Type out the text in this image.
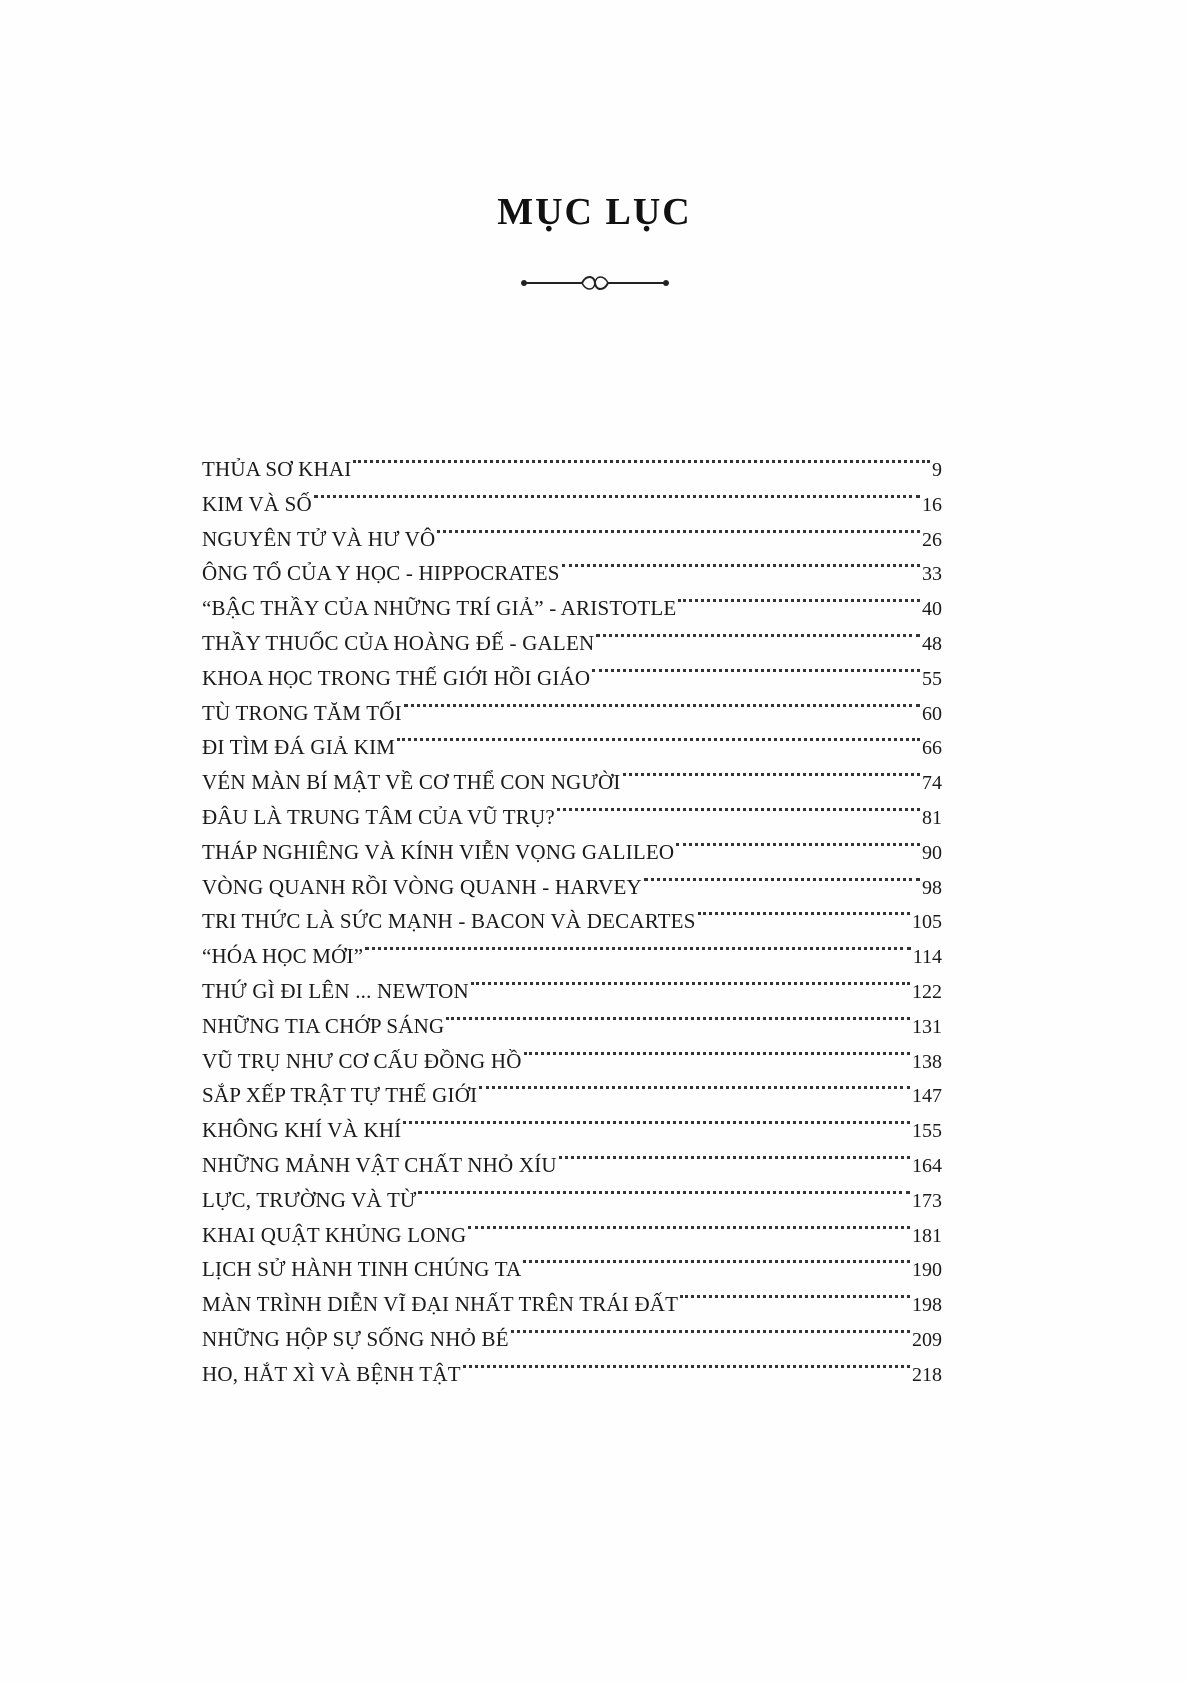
MỤC LỤC
THỦA SƠ KHAI	9
KIM VÀ SỐ	16
NGUYÊN TỬ VÀ HƯ VÔ	26
ÔNG TỔ CỦA Y HỌC - HIPPOCRATES	33
“BẬC THẦY CỦA NHỮNG TRÍ GIẢ” - ARISTOTLE	40
THẦY THUỐC CỦA HOÀNG ĐẾ - GALEN	48
KHOA HỌC TRONG THẾ GIỚI HỒI GIÁO	55
TÙ TRONG TĂM TỐI	60
ĐI TÌM ĐÁ GIẢ KIM	66
VÉN MÀN BÍ MẬT VỀ CƠ THỂ CON NGƯỜI	74
ĐÂU LÀ TRUNG TÂM CỦA VŨ TRỤ?	81
THÁP NGHIÊNG VÀ KÍNH VIỄN VỌNG GALILEO	90
VÒNG QUANH RỒI VÒNG QUANH - HARVEY	98
TRI THỨC LÀ SỨC MẠNH - BACON VÀ DECARTES	105
“HÓA HỌC MỚI”	114
THỨ GÌ ĐI LÊN ... NEWTON	122
NHỮNG TIA CHỚP SÁNG	131
VŨ TRỤ NHƯ CƠ CẤU ĐỒNG HỒ	138
SẮP XẾP TRẬT TỰ THẾ GIỚI	147
KHÔNG KHÍ VÀ KHÍ	155
NHỮNG MẢNH VẬT CHẤT NHỎ XÍU	164
LỰC, TRƯỜNG VÀ TỪ	173
KHAI QUẬT KHỦNG LONG	181
LỊCH SỬ HÀNH TINH CHÚNG TA	190
MÀN TRÌNH DIỄN VĨ ĐẠI NHẤT TRÊN TRÁI ĐẤT	198
NHỮNG HỘP SỰ SỐNG NHỎ BÉ	209
HO, HẮT XÌ VÀ BỆNH TẬT	218
